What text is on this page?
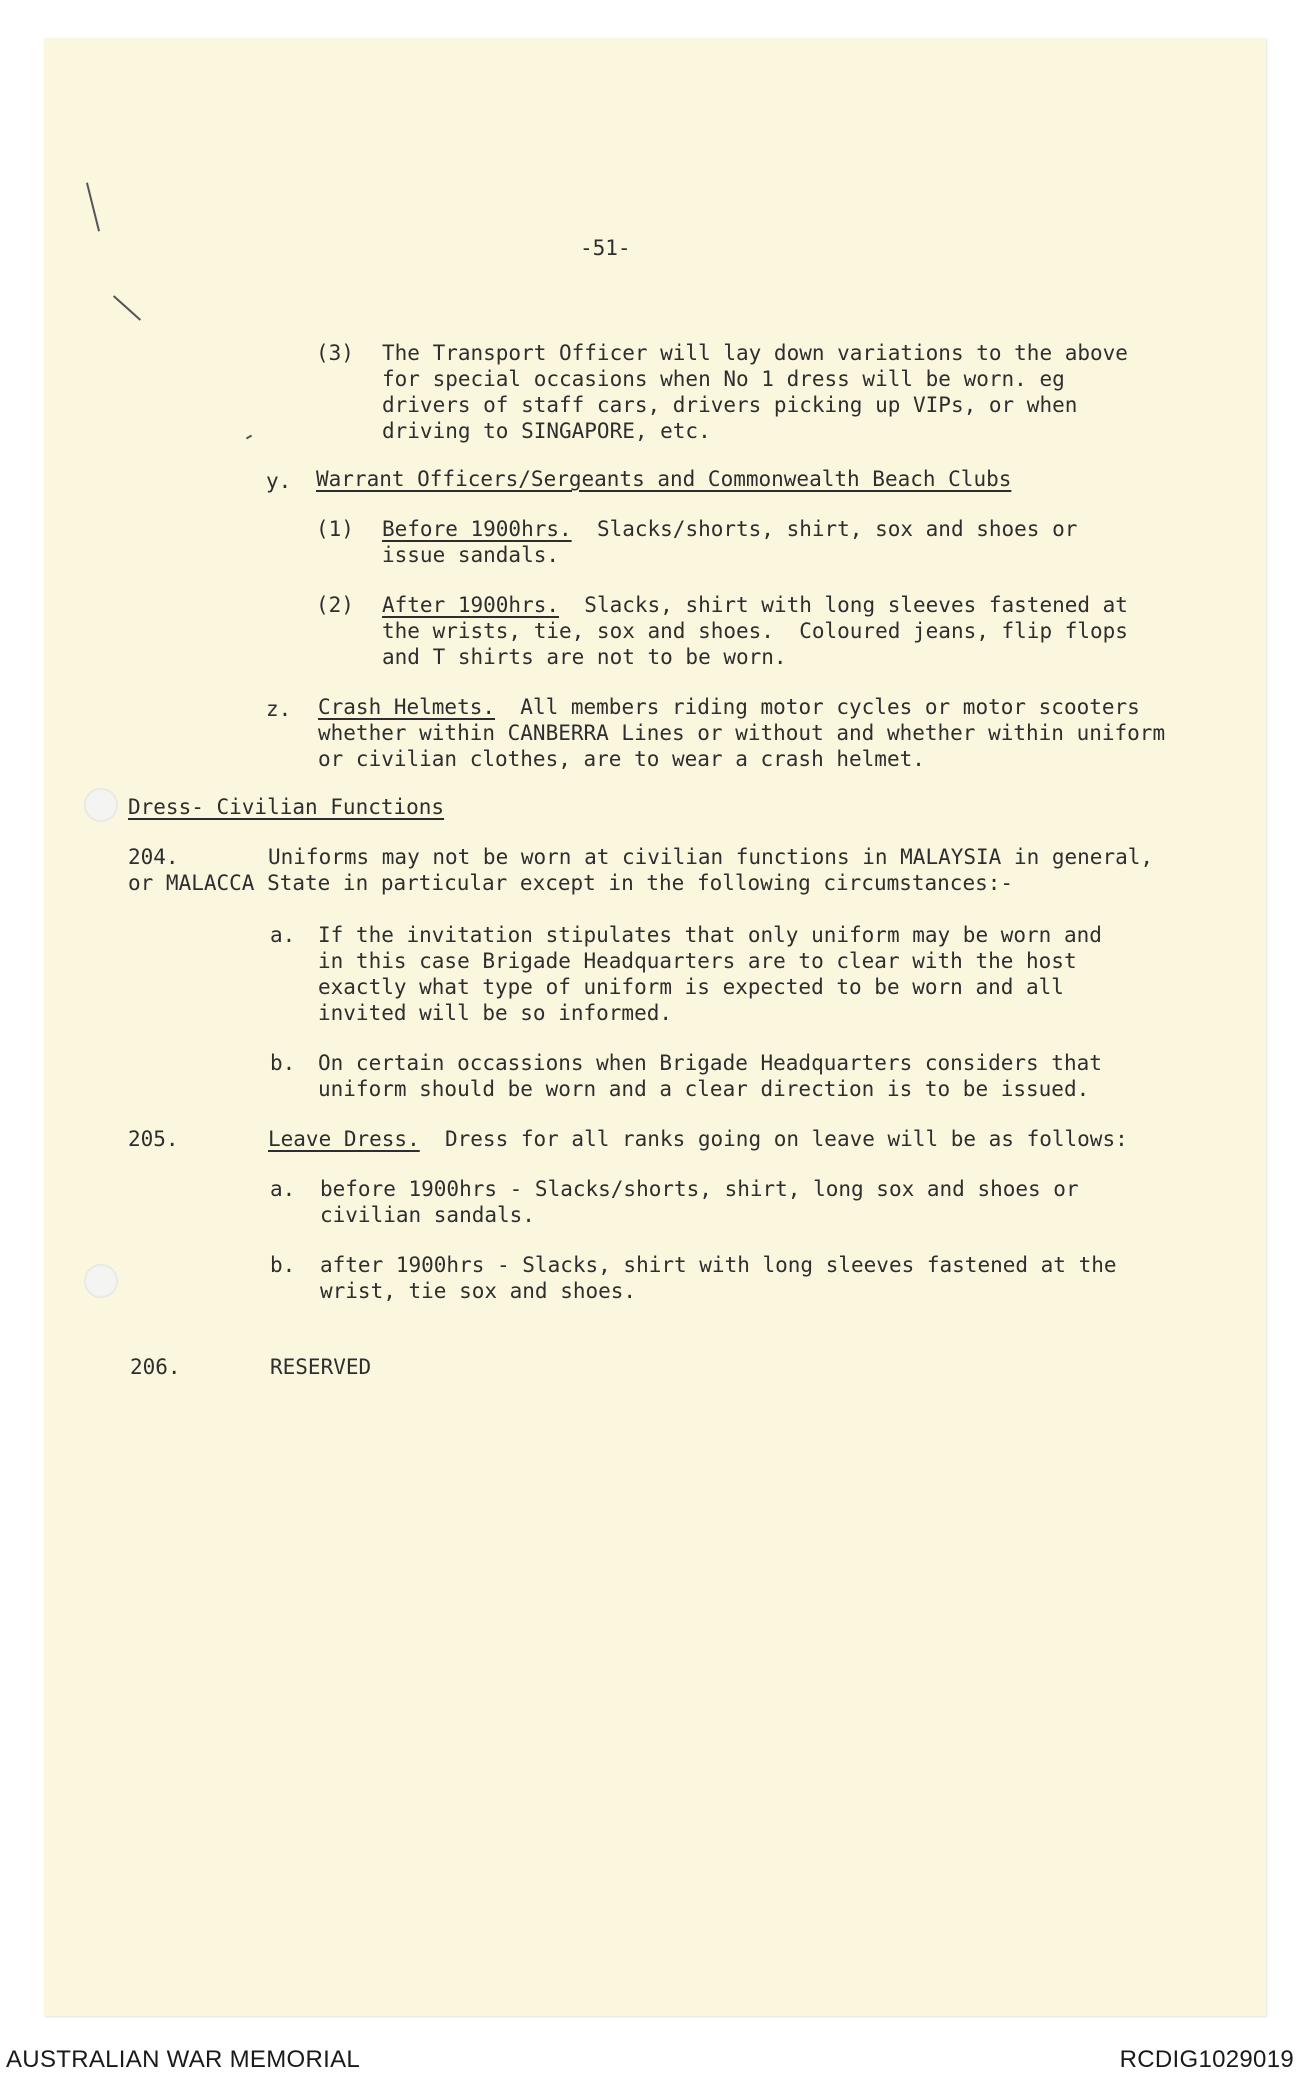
-51-
(3) The Transport Officer will lay down variations to the above
for special occasions when No 1 dress will be worn. eg
drivers of staff cars, drivers picking up VIPs, or when
driving to SINGAPORE, etc.
y. Warrant Officers/Sergeants and Commonwealth Beach Clubs
(1) Before 1900hrs.  Slacks/shorts, shirt, sox and shoes or
issue sandals.
(2) After 1900hrs.  Slacks, shirt with long sleeves fastened at
the wrists, tie, sox and shoes.  Coloured jeans, flip flops
and T shirts are not to be worn.
z. Crash Helmets.  All members riding motor cycles or motor scooters
whether within CANBERRA Lines or without and whether within uniform
or civilian clothes, are to wear a crash helmet.
Dress- Civilian Functions
204.	Uniforms may not be worn at civilian functions in MALAYSIA in general,
or MALACCA State in particular except in the following circumstances:-
a. If the invitation stipulates that only uniform may be worn and
in this case Brigade Headquarters are to clear with the host
exactly what type of uniform is expected to be worn and all
invited will be so informed.
b. On certain occassions when Brigade Headquarters considers that
uniform should be worn and a clear direction is to be issued.
205.	Leave Dress.  Dress for all ranks going on leave will be as follows:
a. before 1900hrs - Slacks/shorts, shirt, long sox and shoes or
civilian sandals.
b. after 1900hrs - Slacks, shirt with long sleeves fastened at the
wrist, tie sox and shoes.
206.	RESERVED
AUSTRALIAN WAR MEMORIAL	RCDIG1029019
